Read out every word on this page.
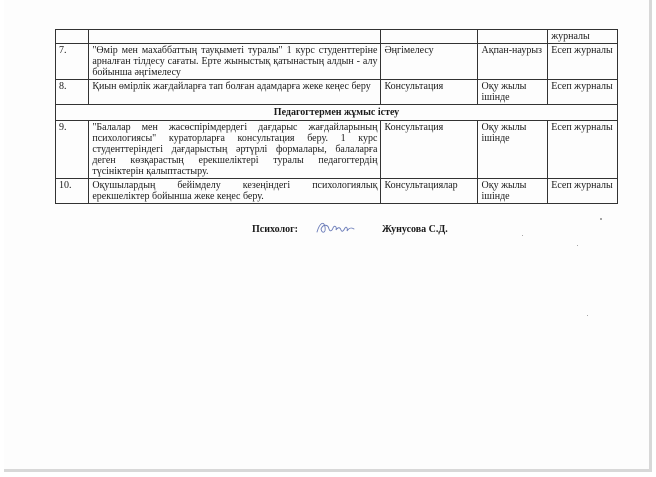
				журналы
7.	"Өмір мен махаббаттың тауқыметі туралы" 1 курс студенттеріне арналған тілдесу сағаты. Ерте жыныстық қатынастың алдын - алу бойынша әңгімелесу	Әңгімелесу	Ақпан-наурыз	Есеп журналы
8.	Қиын өмірлік жағдайларға тап болған адамдарға жеке кеңес беру	Консультация	Оқу жылы ішінде	Есеп журналы
Педагогтермен жұмыс істеу				
9.	"Балалар мен жасөспірімдердегі дағдарыс жағдайларының психологиясы" кураторларға консультация беру. 1 курс студенттеріндегі дағдарыстың әртүрлі формалары, балаларға деген көзқарастың ерекшеліктері туралы педагогтердің түсініктерін қалыптастыру.	Консультация	Оқу жылы ішінде	Есеп журналы
10.	Оқушылардың бейімделу кезеңіндегі психологиялық ерекшеліктер бойынша жеке кеңес беру.	Консультациялар	Оқу жылы ішінде	Есеп журналы
Психолог:	Жунусова С.Д.
